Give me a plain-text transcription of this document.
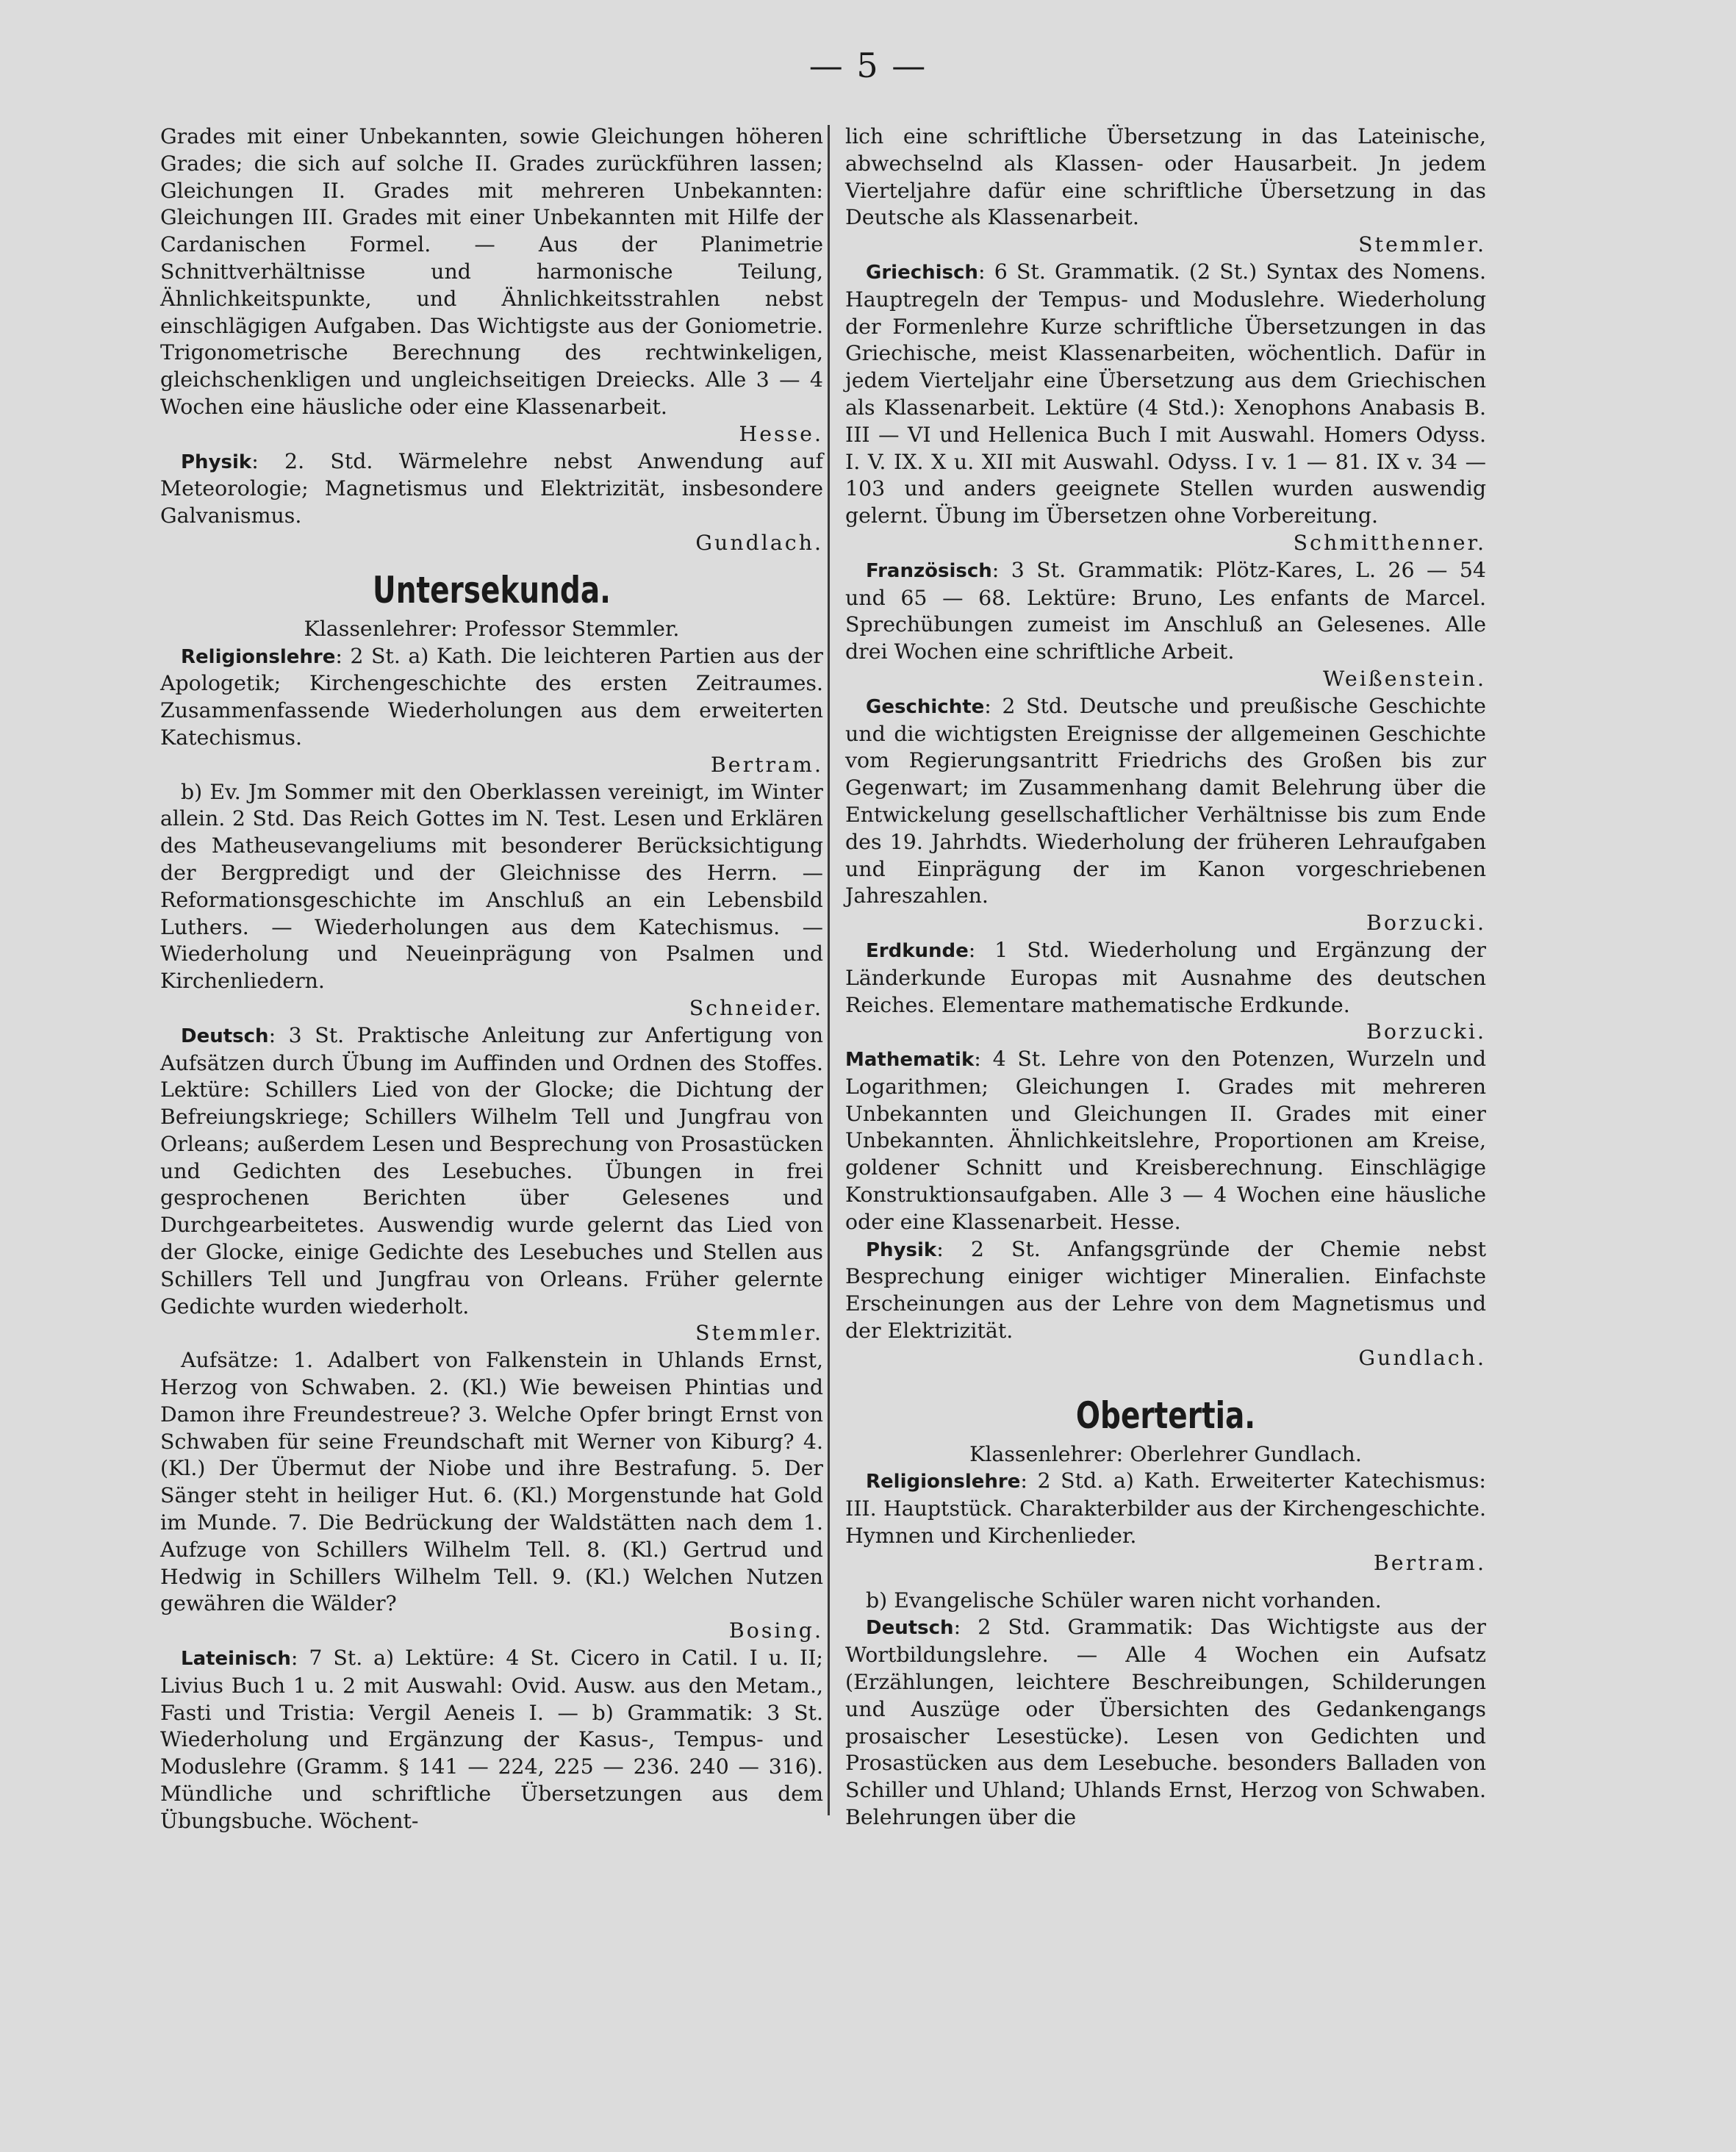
— 5 —

Grades mit einer Unbekannten, sowie Gleichungen höheren Grades; die sich auf solche II. Grades zurückführen lassen; Gleichungen II. Grades mit mehreren Unbekannten: Gleichungen III. Grades mit einer Unbekannten mit Hilfe der Cardanischen Formel. — Aus der Planimetrie Schnittverhältnisse und harmonische Teilung, Ähnlichkeitspunkte, und Ähnlichkeitsstrahlen nebst einschlägigen Aufgaben. Das Wichtigste aus der Goniometrie. Trigonometrische Berechnung des rechtwinkeligen, gleichschenkligen und ungleichseitigen Dreiecks. Alle 3 — 4 Wochen eine häusliche oder eine Klassenarbeit.

Hesse.

Physik: 2. Std. Wärmelehre nebst Anwendung auf Meteorologie; Magnetismus und Elektrizität, insbesondere Galvanismus.

Gundlach.

Untersekunda.

Klassenlehrer: Professor Stemmler.

Religionslehre: 2 St. a) Kath. Die leichteren Partien aus der Apologetik; Kirchengeschichte des ersten Zeitraumes. Zusammenfassende Wiederholungen aus dem erweiterten Katechismus.

Bertram.

b) Ev. Jm Sommer mit den Oberklassen vereinigt, im Winter allein. 2 Std. Das Reich Gottes im N. Test. Lesen und Erklären des Matheusevangeliums mit besonderer Berücksichtigung der Bergpredigt und der Gleichnisse des Herrn. — Reformationsgeschichte im Anschluß an ein Lebensbild Luthers. — Wiederholungen aus dem Katechismus. — Wiederholung und Neueinprägung von Psalmen und Kirchenliedern.

Schneider.

Deutsch: 3 St. Praktische Anleitung zur Anfertigung von Aufsätzen durch Übung im Auffinden und Ordnen des Stoffes. Lektüre: Schillers Lied von der Glocke; die Dichtung der Befreiungskriege; Schillers Wilhelm Tell und Jungfrau von Orleans; außerdem Lesen und Besprechung von Prosastücken und Gedichten des Lesebuches. Übungen in frei gesprochenen Berichten über Gelesenes und Durchgearbeitetes. Auswendig wurde gelernt das Lied von der Glocke, einige Gedichte des Lesebuches und Stellen aus Schillers Tell und Jungfrau von Orleans. Früher gelernte Gedichte wurden wiederholt.

Stemmler.

Aufsätze: 1. Adalbert von Falkenstein in Uhlands Ernst, Herzog von Schwaben. 2. (Kl.) Wie beweisen Phintias und Damon ihre Freundestreue? 3. Welche Opfer bringt Ernst von Schwaben für seine Freundschaft mit Werner von Kiburg? 4. (Kl.) Der Übermut der Niobe und ihre Bestrafung. 5. Der Sänger steht in heiliger Hut. 6. (Kl.) Morgenstunde hat Gold im Munde. 7. Die Bedrückung der Waldstätten nach dem 1. Aufzuge von Schillers Wilhelm Tell. 8. (Kl.) Gertrud und Hedwig in Schillers Wilhelm Tell. 9. (Kl.) Welchen Nutzen gewähren die Wälder?

Bosing.

Lateinisch: 7 St. a) Lektüre: 4 St. Cicero in Catil. I u. II; Livius Buch 1 u. 2 mit Auswahl: Ovid. Ausw. aus den Metam., Fasti und Tristia: Vergil Aeneis I. — b) Grammatik: 3 St. Wiederholung und Ergänzung der Kasus-, Tempus- und Moduslehre (Gramm. § 141 — 224, 225 — 236. 240 — 316). Mündliche und schriftliche Übersetzungen aus dem Übungsbuche. Wöchent-

lich eine schriftliche Übersetzung in das Lateinische, abwechselnd als Klassen- oder Hausarbeit. Jn jedem Vierteljahre dafür eine schriftliche Übersetzung in das Deutsche als Klassenarbeit.

Stemmler.

Griechisch: 6 St. Grammatik. (2 St.) Syntax des Nomens. Hauptregeln der Tempus- und Moduslehre. Wiederholung der Formenlehre Kurze schriftliche Übersetzungen in das Griechische, meist Klassenarbeiten, wöchentlich. Dafür in jedem Vierteljahr eine Übersetzung aus dem Griechischen als Klassenarbeit. Lektüre (4 Std.): Xenophons Anabasis B. III — VI und Hellenica Buch I mit Auswahl. Homers Odyss. I. V. IX. X u. XII mit Auswahl. Odyss. I v. 1 — 81. IX v. 34 — 103 und anders geeignete Stellen wurden auswendig gelernt. Übung im Übersetzen ohne Vorbereitung.

Schmitthenner.

Französisch: 3 St. Grammatik: Plötz-Kares, L. 26 — 54 und 65 — 68. Lektüre: Bruno, Les enfants de Marcel. Sprechübungen zumeist im Anschluß an Gelesenes. Alle drei Wochen eine schriftliche Arbeit.

Weißenstein.

Geschichte: 2 Std. Deutsche und preußische Geschichte und die wichtigsten Ereignisse der allgemeinen Geschichte vom Regierungsantritt Friedrichs des Großen bis zur Gegenwart; im Zusammenhang damit Belehrung über die Entwickelung gesellschaftlicher Verhältnisse bis zum Ende des 19. Jahrhdts. Wiederholung der früheren Lehraufgaben und Einprägung der im Kanon vorgeschriebenen Jahreszahlen.

Borzucki.

Erdkunde: 1 Std. Wiederholung und Ergänzung der Länderkunde Europas mit Ausnahme des deutschen Reiches. Elementare mathematische Erdkunde.

Borzucki.

Mathematik: 4 St. Lehre von den Potenzen, Wurzeln und Logarithmen; Gleichungen I. Grades mit mehreren Unbekannten und Gleichungen II. Grades mit einer Unbekannten. Ähnlichkeitslehre, Proportionen am Kreise, goldener Schnitt und Kreisberechnung. Einschlägige Konstruktionsaufgaben. Alle 3 — 4 Wochen eine häusliche oder eine Klassenarbeit. Hesse.

Physik: 2 St. Anfangsgründe der Chemie nebst Besprechung einiger wichtiger Mineralien. Einfachste Erscheinungen aus der Lehre von dem Magnetismus und der Elektrizität.

Gundlach.

Obertertia.

Klassenlehrer: Oberlehrer Gundlach.

Religionslehre: 2 Std. a) Kath. Erweiterter Katechismus: III. Hauptstück. Charakterbilder aus der Kirchengeschichte. Hymnen und Kirchenlieder.

Bertram.

b) Evangelische Schüler waren nicht vorhanden.

Deutsch: 2 Std. Grammatik: Das Wichtigste aus der Wortbildungslehre. — Alle 4 Wochen ein Aufsatz (Erzählungen, leichtere Beschreibungen, Schilderungen und Auszüge oder Übersichten des Gedankengangs prosaischer Lesestücke). Lesen von Gedichten und Prosastücken aus dem Lesebuche. besonders Balladen von Schiller und Uhland; Uhlands Ernst, Herzog von Schwaben. Belehrungen über die
